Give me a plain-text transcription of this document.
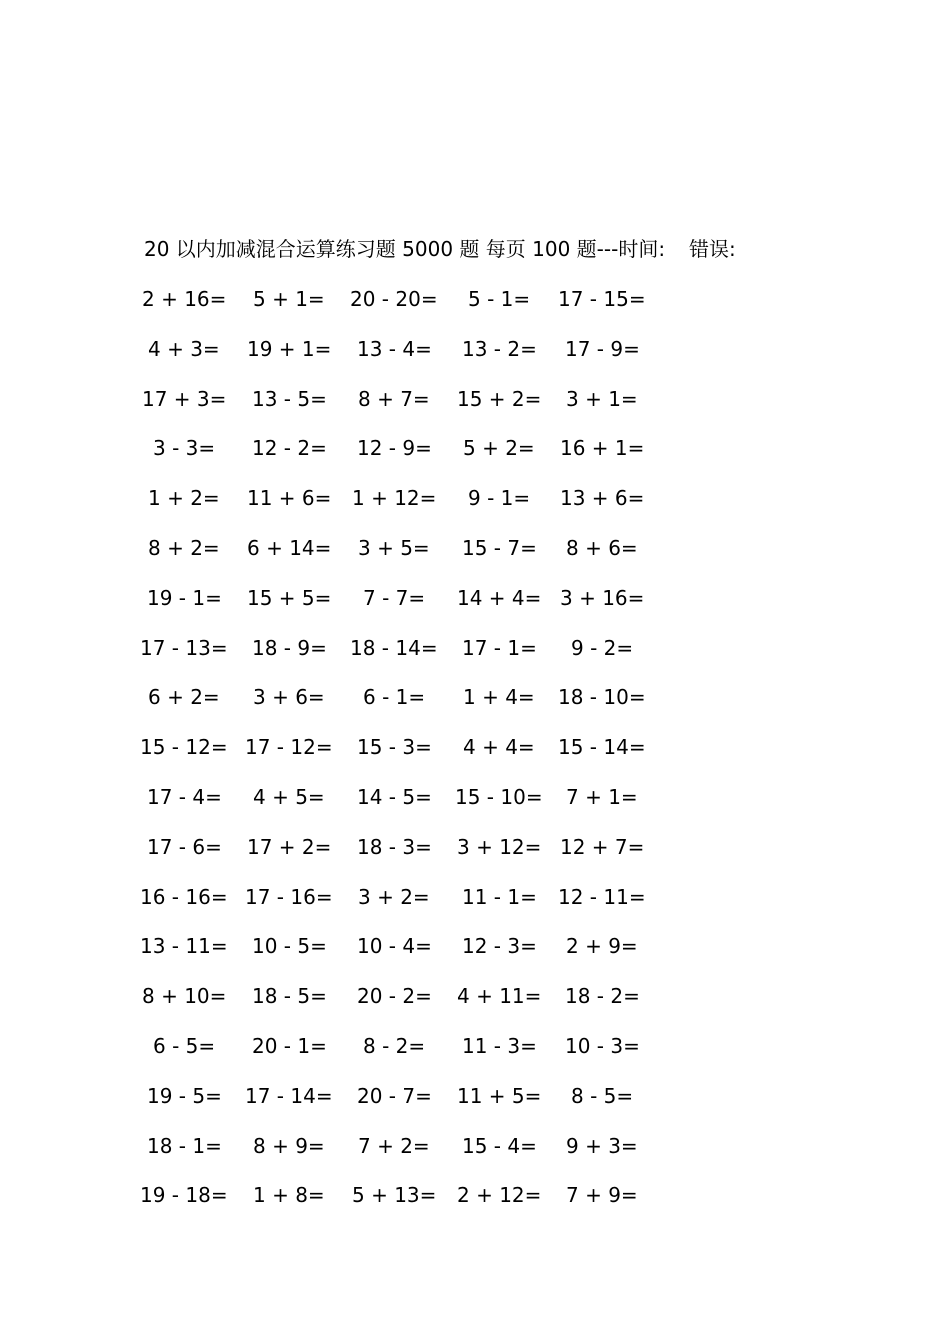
20 以内加减混合运算练习题 5000 题 每页 100 题---时间: 错误:
2 + 16= 5 + 1= 20 - 20= 5 - 1= 17 - 15=
4 + 3= 19 + 1= 13 - 4= 13 - 2= 17 - 9=
17 + 3= 13 - 5= 8 + 7= 15 + 2= 3 + 1=
3 - 3= 12 - 2= 12 - 9= 5 + 2= 16 + 1=
1 + 2= 11 + 6= 1 + 12= 9 - 1= 13 + 6=
8 + 2= 6 + 14= 3 + 5= 15 - 7= 8 + 6=
19 - 1= 15 + 5= 7 - 7= 14 + 4= 3 + 16=
17 - 13= 18 - 9= 18 - 14= 17 - 1= 9 - 2=
6 + 2= 3 + 6= 6 - 1= 1 + 4= 18 - 10=
15 - 12= 17 - 12= 15 - 3= 4 + 4= 15 - 14=
17 - 4= 4 + 5= 14 - 5= 15 - 10= 7 + 1=
17 - 6= 17 + 2= 18 - 3= 3 + 12= 12 + 7=
16 - 16= 17 - 16= 3 + 2= 11 - 1= 12 - 11=
13 - 11= 10 - 5= 10 - 4= 12 - 3= 2 + 9=
8 + 10= 18 - 5= 20 - 2= 4 + 11= 18 - 2=
6 - 5= 20 - 1= 8 - 2= 11 - 3= 10 - 3=
19 - 5= 17 - 14= 20 - 7= 11 + 5= 8 - 5=
18 - 1= 8 + 9= 7 + 2= 15 - 4= 9 + 3=
19 - 18= 1 + 8= 5 + 13= 2 + 12= 7 + 9=
